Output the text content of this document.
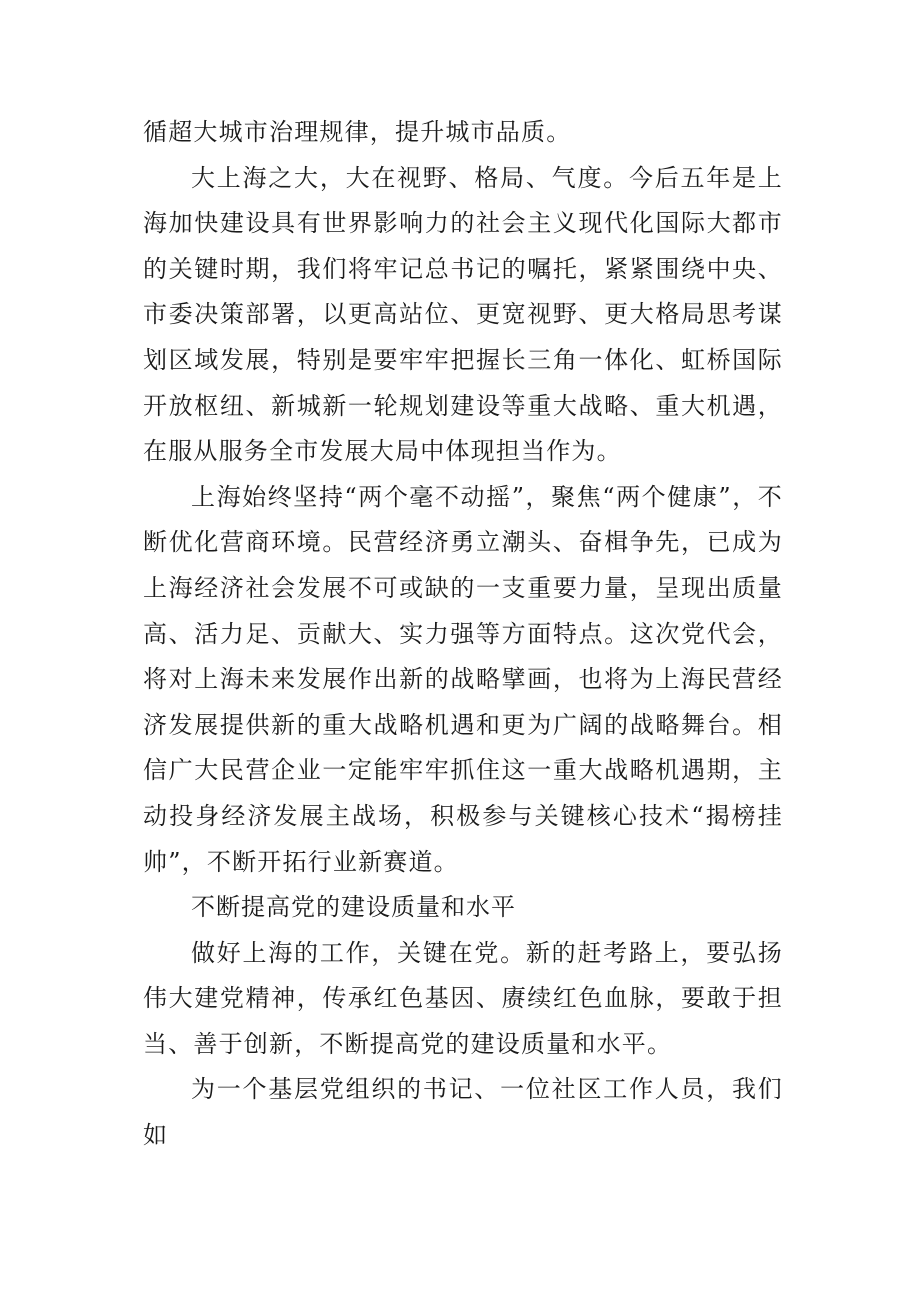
循超大城市治理规律，提升城市品质。

大上海之大，大在视野、格局、气度。今后五年是上海加快建设具有世界影响力的社会主义现代化国际大都市的关键时期，我们将牢记总书记的嘱托，紧紧围绕中央、市委决策部署，以更高站位、更宽视野、更大格局思考谋划区域发展，特别是要牢牢把握长三角一体化、虹桥国际开放枢纽、新城新一轮规划建设等重大战略、重大机遇，在服从服务全市发展大局中体现担当作为。

上海始终坚持“两个毫不动摇”，聚焦“两个健康”，不断优化营商环境。民营经济勇立潮头、奋楫争先，已成为上海经济社会发展不可或缺的一支重要力量，呈现出质量高、活力足、贡献大、实力强等方面特点。这次党代会，将对上海未来发展作出新的战略擘画，也将为上海民营经济发展提供新的重大战略机遇和更为广阔的战略舞台。相信广大民营企业一定能牢牢抓住这一重大战略机遇期，主动投身经济发展主战场，积极参与关键核心技术“揭榜挂帅”，不断开拓行业新赛道。

不断提高党的建设质量和水平

做好上海的工作，关键在党。新的赶考路上，要弘扬伟大建党精神，传承红色基因、赓续红色血脉，要敢于担当、善于创新，不断提高党的建设质量和水平。

为一个基层党组织的书记、一位社区工作人员，我们如
